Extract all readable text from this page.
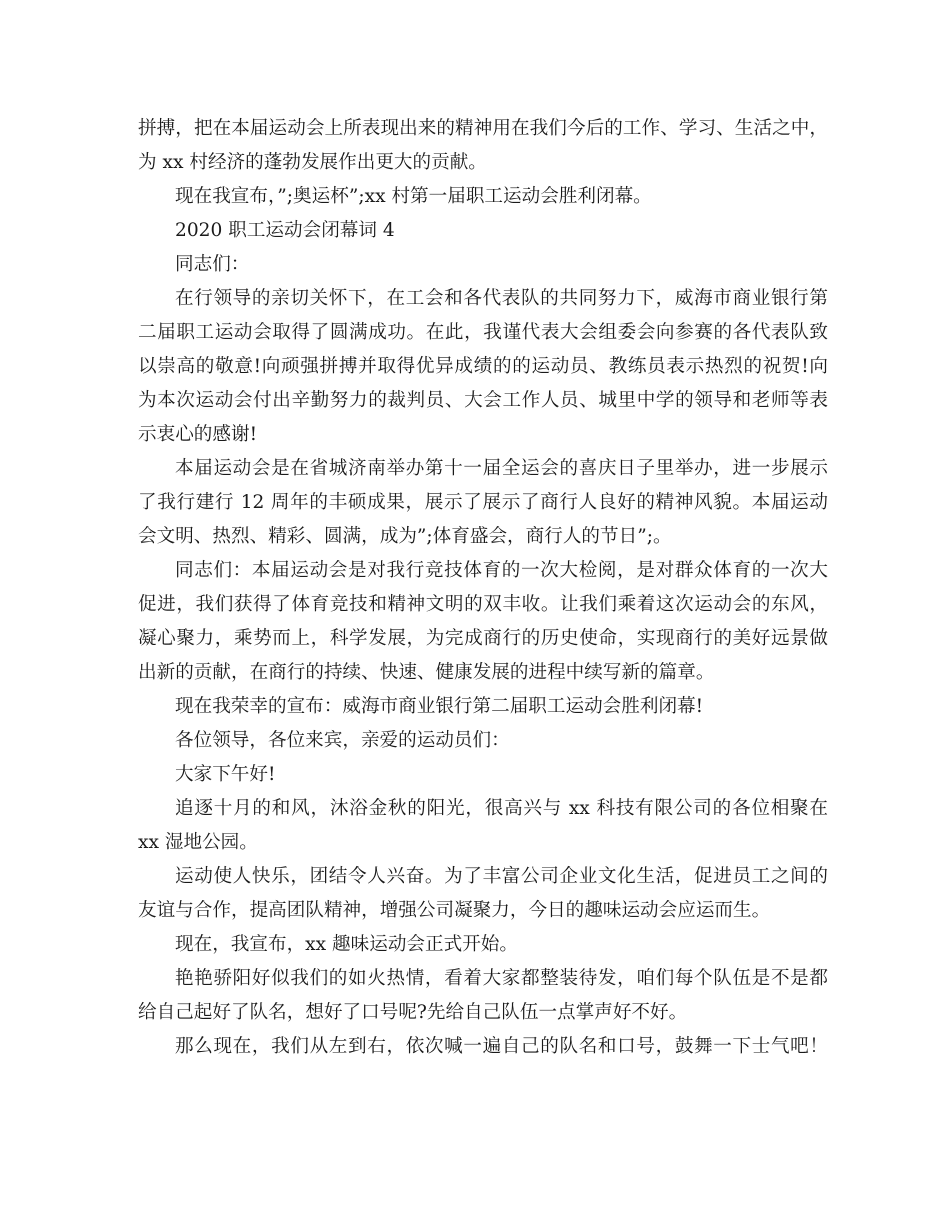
拼搏，把在本届运动会上所表现出来的精神用在我们今后的工作、学习、生活之中，
为 xx 村经济的蓬勃发展作出更大的贡献。
现在我宣布，”;奥运杯”;xx 村第一届职工运动会胜利闭幕。
2020 职工运动会闭幕词 4
同志们：
在行领导的亲切关怀下，在工会和各代表队的共同努力下，威海市商业银行第
二届职工运动会取得了圆满成功。在此，我谨代表大会组委会向参赛的各代表队致
以崇高的敬意!向顽强拼搏并取得优异成绩的的运动员、教练员表示热烈的祝贺!向
为本次运动会付出辛勤努力的裁判员、大会工作人员、城里中学的领导和老师等表
示衷心的感谢!
本届运动会是在省城济南举办第十一届全运会的喜庆日子里举办，进一步展示
了我行建行 12 周年的丰硕成果，展示了展示了商行人良好的精神风貌。本届运动
会文明、热烈、精彩、圆满，成为”;体育盛会，商行人的节日”;。
同志们：本届运动会是对我行竞技体育的一次大检阅，是对群众体育的一次大
促进，我们获得了体育竞技和精神文明的双丰收。让我们乘着这次运动会的东风，
凝心聚力，乘势而上，科学发展，为完成商行的历史使命，实现商行的美好远景做
出新的贡献，在商行的持续、快速、健康发展的进程中续写新的篇章。
现在我荣幸的宣布：威海市商业银行第二届职工运动会胜利闭幕!
各位领导，各位来宾，亲爱的运动员们：
大家下午好!
追逐十月的和风，沐浴金秋的阳光，很高兴与 xx 科技有限公司的各位相聚在
xx 湿地公园。
运动使人快乐，团结令人兴奋。为了丰富公司企业文化生活，促进员工之间的
友谊与合作，提高团队精神，增强公司凝聚力，今日的趣味运动会应运而生。
现在，我宣布，xx 趣味运动会正式开始。
艳艳骄阳好似我们的如火热情，看着大家都整装待发，咱们每个队伍是不是都
给自己起好了队名，想好了口号呢?先给自己队伍一点掌声好不好。
那么现在，我们从左到右，依次喊一遍自己的队名和口号，鼓舞一下士气吧！
